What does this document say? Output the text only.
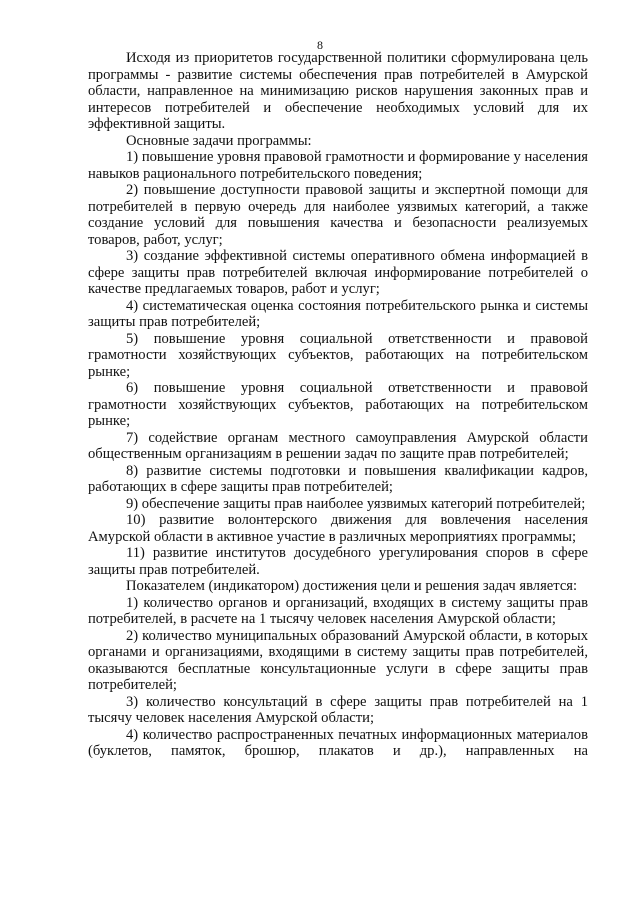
8

Исходя из приоритетов государственной политики сформулирована цель программы - развитие системы обеспечения прав потребителей в Амурской области, направленное на минимизацию рисков нарушения законных прав и интересов потребителей и обеспечение необходимых условий для их эффективной защиты.

Основные задачи программы:

1) повышение уровня правовой грамотности и формирование у населения навыков рационального потребительского поведения;

2) повышение доступности правовой защиты и экспертной помощи для потребителей в первую очередь для наиболее уязвимых категорий, а также создание условий для повышения качества и безопасности реализуемых товаров, работ, услуг;

3) создание эффективной системы оперативного обмена информацией в сфере защиты прав потребителей включая информирование потребителей о качестве предлагаемых товаров, работ и услуг;

4) систематическая оценка состояния потребительского рынка и системы защиты прав потребителей;

5) повышение уровня социальной ответственности и правовой грамотности хозяйствующих субъектов, работающих на потребительском рынке;

6) повышение уровня социальной ответственности и правовой грамотности хозяйствующих субъектов, работающих на потребительском рынке;

7) содействие органам местного самоуправления Амурской области общественным организациям в решении задач по защите прав потребителей;

8) развитие системы подготовки и повышения квалификации кадров, работающих в сфере защиты прав потребителей;

9) обеспечение защиты прав наиболее уязвимых категорий потребителей;

10) развитие волонтерского движения для вовлечения населения Амурской области в активное участие в различных мероприятиях программы;

11) развитие институтов досудебного урегулирования споров в сфере защиты прав потребителей.

Показателем (индикатором) достижения цели и решения задач является:

1) количество органов и организаций, входящих в систему защиты прав потребителей, в расчете на 1 тысячу человек населения Амурской области;

2) количество муниципальных образований Амурской области, в которых органами и организациями, входящими в систему защиты прав потребителей, оказываются бесплатные консультационные услуги в сфере защиты прав потребителей;

3) количество консультаций в сфере защиты прав потребителей на 1 тысячу человек населения Амурской области;

4) количество распространенных печатных информационных материалов (буклетов, памяток, брошюр, плакатов и др.), направленных на
